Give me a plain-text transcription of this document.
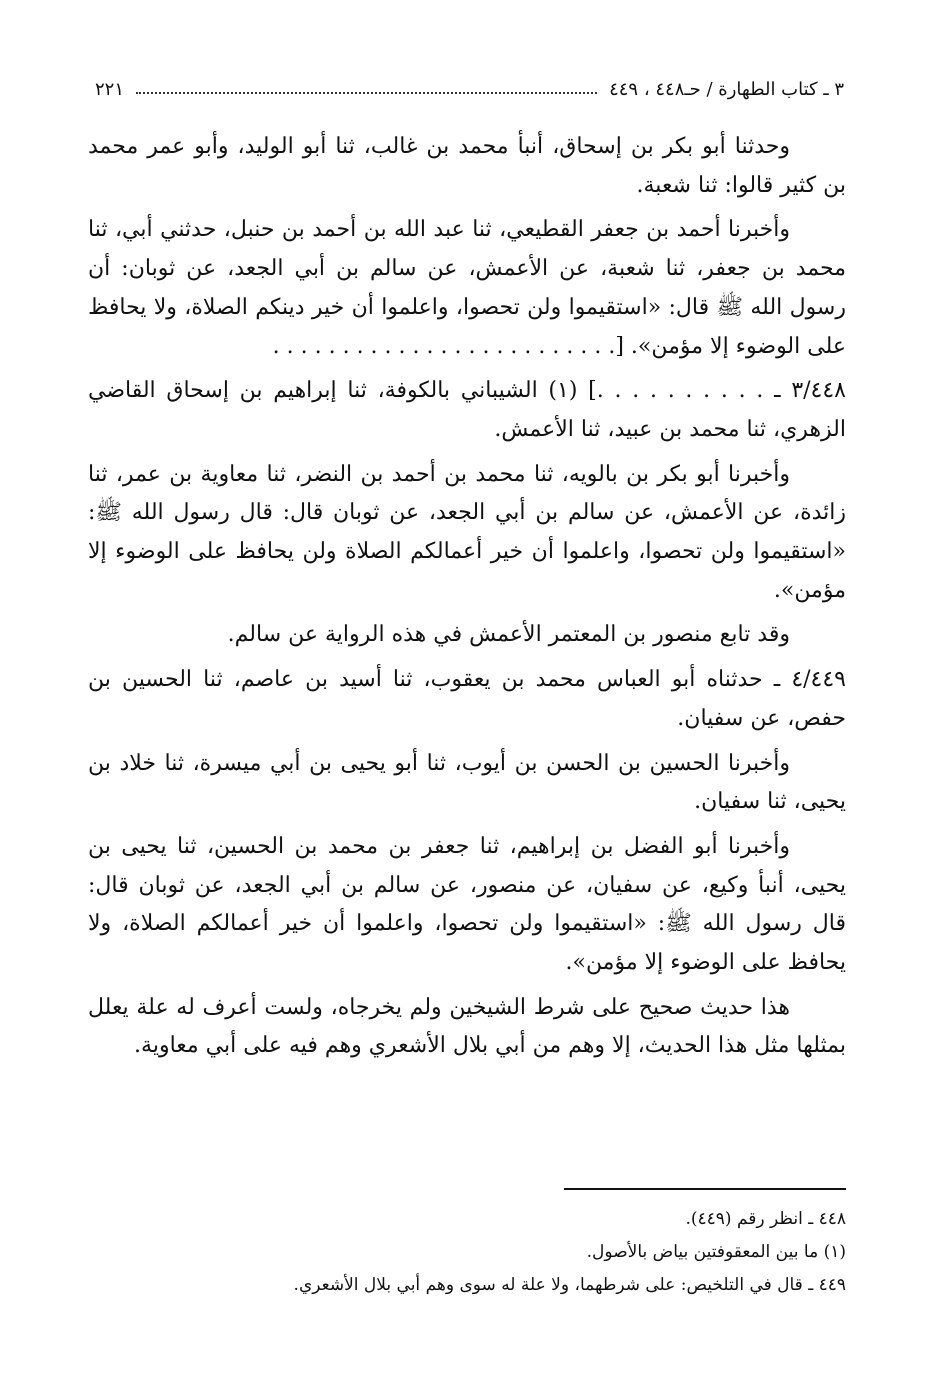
٣ ـ كتاب الطهارة / حـ٤٤٨ ، ٤٤٩
٢٢١

وحدثنا أبو بكر بن إسحاق، أنبأ محمد بن غالب، ثنا أبو الوليد، وأبو عمر محمد بن كثير قالوا: ثنا شعبة.

وأخبرنا أحمد بن جعفر القطيعي، ثنا عبد الله بن أحمد بن حنبل، حدثني أبي، ثنا محمد بن جعفر، ثنا شعبة، عن الأعمش، عن سالم بن أبي الجعد، عن ثوبان: أن رسول الله ﷺ قال: «استقيموا ولن تحصوا، واعلموا أن خير دينكم الصلاة، ولا يحافظ على الوضوء إلا مؤمن». [. . . . . . . . . . . . . . . . . . . . . . . . .

٣/٤٤٨ ـ . . . . . . . . . .] (١) الشيباني بالكوفة، ثنا إبراهيم بن إسحاق القاضي الزهري، ثنا محمد بن عبيد، ثنا الأعمش.

وأخبرنا أبو بكر بن بالويه، ثنا محمد بن أحمد بن النضر، ثنا معاوية بن عمر، ثنا زائدة، عن الأعمش، عن سالم بن أبي الجعد، عن ثوبان قال: قال رسول الله ﷺ: «استقيموا ولن تحصوا، واعلموا أن خير أعمالكم الصلاة ولن يحافظ على الوضوء إلا مؤمن».

وقد تابع منصور بن المعتمر الأعمش في هذه الرواية عن سالم.

٤/٤٤٩ ـ حدثناه أبو العباس محمد بن يعقوب، ثنا أسيد بن عاصم، ثنا الحسين بن حفص، عن سفيان.

وأخبرنا الحسين بن الحسن بن أيوب، ثنا أبو يحيى بن أبي ميسرة، ثنا خلاد بن يحيى، ثنا سفيان.

وأخبرنا أبو الفضل بن إبراهيم، ثنا جعفر بن محمد بن الحسين، ثنا يحيى بن يحيى، أنبأ وكيع، عن سفيان، عن منصور، عن سالم بن أبي الجعد، عن ثوبان قال: قال رسول الله ﷺ: «استقيموا ولن تحصوا، واعلموا أن خير أعمالكم الصلاة، ولا يحافظ على الوضوء إلا مؤمن».

هذا حديث صحيح على شرط الشيخين ولم يخرجاه، ولست أعرف له علة يعلل بمثلها مثل هذا الحديث، إلا وهم من أبي بلال الأشعري وهم فيه على أبي معاوية.

٤٤٨ ـ انظر رقم (٤٤٩).

(١) ما بين المعقوفتين بياض بالأصول.

٤٤٩ ـ قال في التلخيص: على شرطهما، ولا علة له سوى وهم أبي بلال الأشعري.
